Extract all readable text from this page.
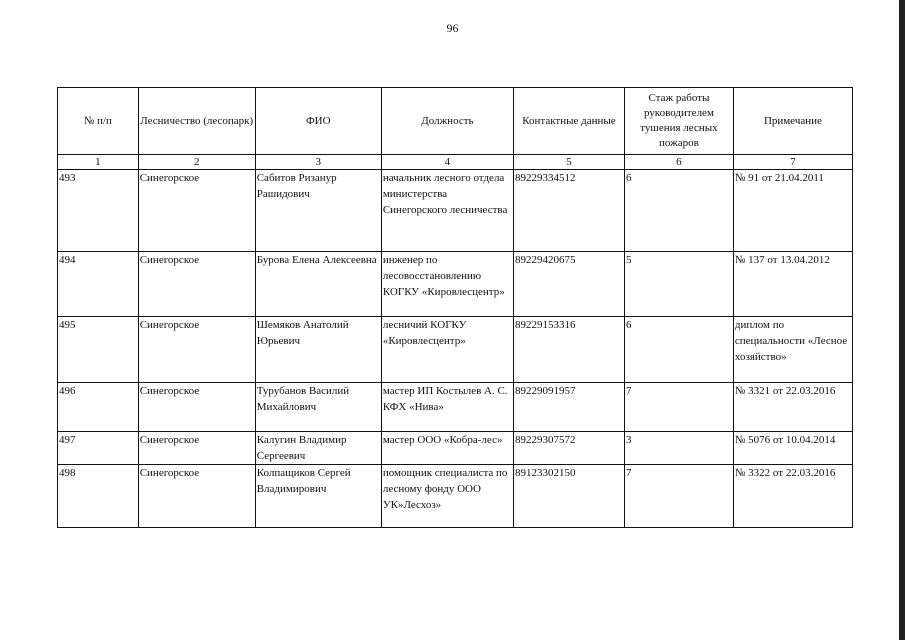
96
№ п/п	Лесничество (лесопарк)	ФИО	Должность	Контактные данные	Стаж работы руководителем тушения лесных пожаров	Примечание
1	2	3	4	5	6	7
493	Синегорское	Сабитов Ризанур Рашидович	начальник лесного отдела министерства Синегорского лесничества	89229334512	6	№ 91 от 21.04.2011
494	Синегорское	Бурова Елена Алексеевна	инженер по лесовосстановлению КОГКУ «Кировлесцентр»	89229420675	5	№ 137 от 13.04.2012
495	Синегорское	Шемяков Анатолий Юрьевич	лесничий КОГКУ «Кировлесцентр»	89229153316	6	диплом по специальности «Лесное хозяйство»
496	Синегорское	Турубанов Василий Михайлович	мастер ИП Костылев А. С. КФХ «Нива»	89229091957	7	№ 3321 от 22.03.2016
497	Синегорское	Калугин Владимир Сергеевич	мастер ООО «Кобра-лес»	89229307572	3	№ 5076 от 10.04.2014
498	Синегорское	Колпащиков Сергей Владимирович	помощник специалиста по лесному фонду ООО УК»Лесхоз»	89123302150	7	№ 3322 от 22.03.2016
